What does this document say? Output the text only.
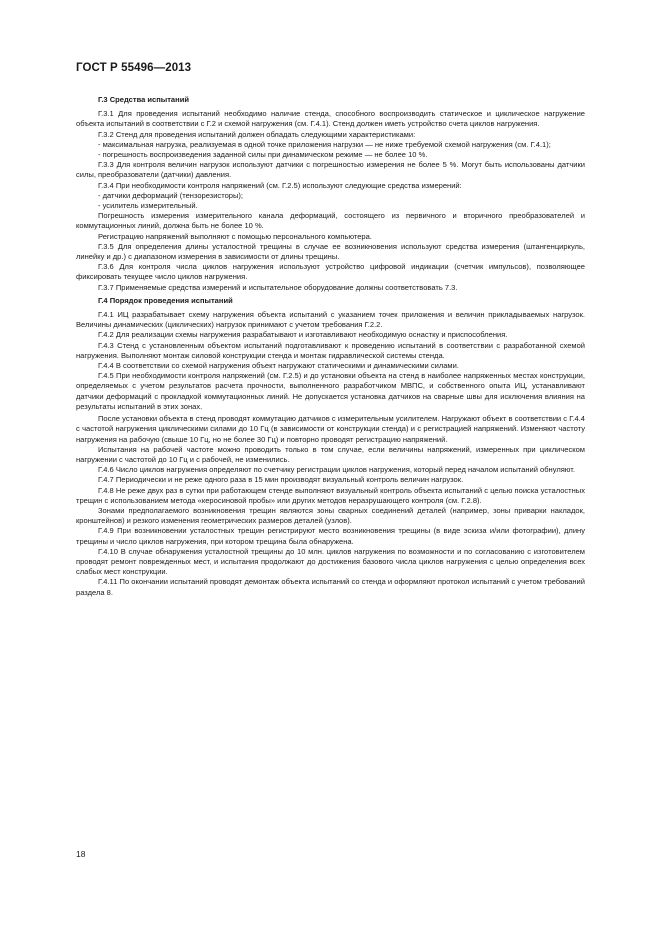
ГОСТ Р 55496—2013

Г.3 Средства испытаний

Г.3.1 Для проведения испытаний необходимо наличие стенда, способного воспроизводить статическое и циклическое нагружение объекта испытаний в соответствии с Г.2 и схемой нагружения (см. Г.4.1). Стенд должен иметь устройство счета циклов нагружения.

Г.3.2 Стенд для проведения испытаний должен обладать следующими характеристиками:

- максимальная нагрузка, реализуемая в одной точке приложения нагрузки — не ниже требуемой схемой нагружения (см. Г.4.1);

- погрешность воспроизведения заданной силы при динамическом режиме — не более 10 %.

Г.3.3 Для контроля величин нагрузок используют датчики с погрешностью измерения не более 5 %. Могут быть использованы датчики силы, преобразователи (датчики) давления.

Г.3.4 При необходимости контроля напряжений (см. Г.2.5) используют следующие средства измерений:

- датчики деформаций (тензорезисторы);

- усилитель измерительный.

Погрешность измерения измерительного канала деформаций, состоящего из первичного и вторичного преобразователей и коммутационных линий, должна быть не более 10 %.

Регистрацию напряжений выполняют с помощью персонального компьютера.

Г.3.5 Для определения длины усталостной трещины в случае ее возникновения используют средства измерения (штангенциркуль, линейку и др.) с диапазоном измерения в зависимости от длины трещины.

Г.3.6 Для контроля числа циклов нагружения используют устройство цифровой индикации (счетчик импульсов), позволяющее фиксировать текущее число циклов нагружения.

Г.3.7 Применяемые средства измерений и испытательное оборудование должны соответствовать 7.3.

Г.4 Порядок проведения испытаний

Г.4.1 ИЦ разрабатывает схему нагружения объекта испытаний с указанием точек приложения и величин прикладываемых нагрузок. Величины динамических (циклических) нагрузок принимают с учетом требования Г.2.2.

Г.4.2 Для реализации схемы нагружения разрабатывают и изготавливают необходимую оснастку и приспособления.

Г.4.3 Стенд с установленным объектом испытаний подготавливают к проведению испытаний в соответствии с разработанной схемой нагружения. Выполняют монтаж силовой конструкции стенда и монтаж гидравлической системы стенда.

Г.4.4 В соответствии со схемой нагружения объект нагружают статическими и динамическими силами.

Г.4.5 При необходимости контроля напряжений (см. Г.2.5) и до установки объекта на стенд в наиболее напряженных местах конструкции, определяемых с учетом результатов расчета прочности, выполненного разработчиком МВПС, и собственного опыта ИЦ, устанавливают датчики деформаций с прокладкой коммутационных линий. Не допускается установка датчиков на сварные швы для исключения влияния на результаты испытаний в этих зонах.

После установки объекта в стенд проводят коммутацию датчиков с измерительным усилителем. Нагружают объект в соответствии с Г.4.4 с частотой нагружения циклическими силами до 10 Гц (в зависимости от конструкции стенда) и с регистрацией напряжений. Изменяют частоту нагружения на рабочую (свыше 10 Гц, но не более 30 Гц) и повторно проводят регистрацию напряжений.

Испытания на рабочей частоте можно проводить только в том случае, если величины напряжений, измеренных при циклическом нагружении с частотой до 10 Гц и с рабочей, не изменились.

Г.4.6 Число циклов нагружения определяют по счетчику регистрации циклов нагружения, который перед началом испытаний обнуляют.

Г.4.7 Периодически и не реже одного раза в 15 мин производят визуальный контроль величин нагрузок.

Г.4.8 Не реже двух раз в сутки при работающем стенде выполняют визуальный контроль объекта испытаний с целью поиска усталостных трещин с использованием метода «керосиновой пробы» или других методов неразрушающего контроля (см. Г.2.8).

Зонами предполагаемого возникновения трещин являются зоны сварных соединений деталей (например, зоны приварки накладок, кронштейнов) и резкого изменения геометрических размеров деталей (узлов).

Г.4.9 При возникновении усталостных трещин регистрируют место возникновения трещины (в виде эскиза и/или фотографии), длину трещины и число циклов нагружения, при котором трещина была обнаружена.

Г.4.10 В случае обнаружения усталостной трещины до 10 млн. циклов нагружения по возможности и по согласованию с изготовителем проводят ремонт поврежденных мест, и испытания продолжают до достижения базового числа циклов нагружения с целью определения всех слабых мест конструкции.

Г.4.11 По окончании испытаний проводят демонтаж объекта испытаний со стенда и оформляют протокол испытаний с учетом требований раздела 8.

18
